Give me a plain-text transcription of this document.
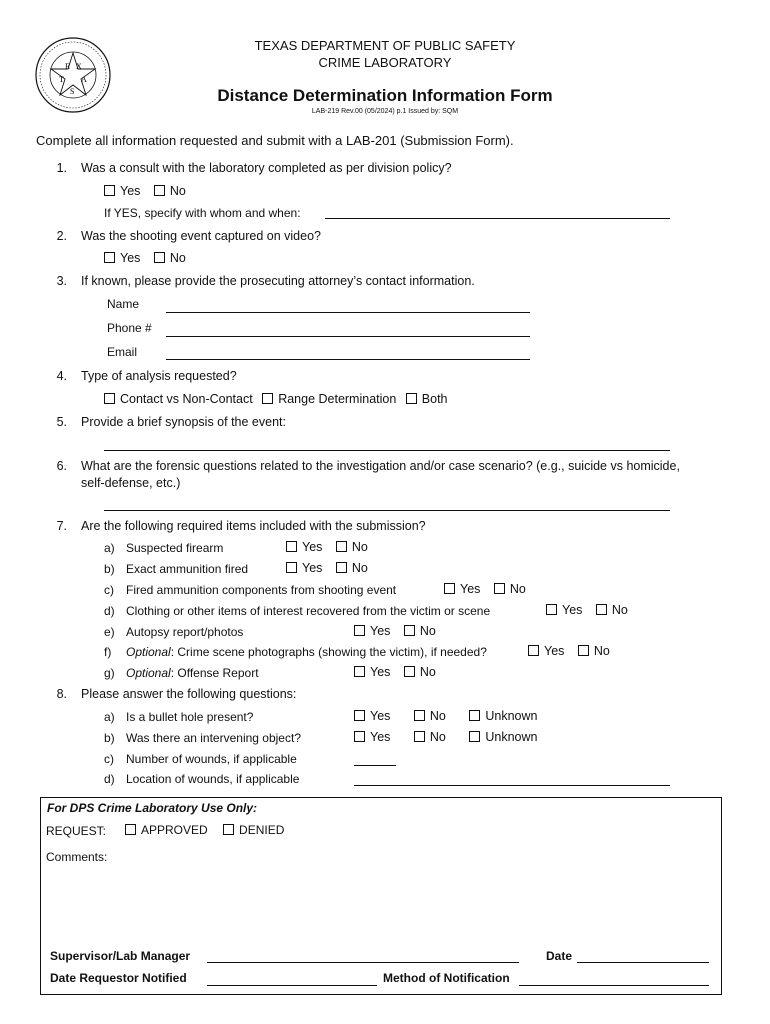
T
E X
A
S
TEXAS DEPARTMENT OF PUBLIC SAFETY
CRIME LABORATORY
Distance Determination Information Form
LAB-219 Rev.00 (05/2024) p.1 Issued by: SQM
Complete all information requested and submit with a LAB-201 (Submission Form).
1. Was a consult with the laboratory completed as per division policy?
Yes No
If YES, specify with whom and when:
2. Was the shooting event captured on video?
Yes No
3. If known, please provide the prosecuting attorney’s contact information.
Name
Phone #
Email
4. Type of analysis requested?
Contact vs Non-Contact Range Determination Both
5. Provide a brief synopsis of the event:
6. What are the forensic questions related to the investigation and/or case scenario? (e.g., suicide vs homicide,
self-defense, etc.)
7. Are the following required items included with the submission?
a) Suspected firearm	Yes No
b) Exact ammunition fired	Yes No
c) Fired ammunition components from shooting event	Yes No
d) Clothing or other items of interest recovered from the victim or scene	Yes No
e) Autopsy report/photos	Yes No
f) Optional: Crime scene photographs (showing the victim), if needed?	Yes No
g) Optional: Offense Report	Yes No
8. Please answer the following questions:
a) Is a bullet hole present?	Yes	No	Unknown
b) Was there an intervening object?	Yes	No	Unknown
c) Number of wounds, if applicable
d) Location of wounds, if applicable
For DPS Crime Laboratory Use Only:
REQUEST:	APPROVED	DENIED
Comments:
Supervisor/Lab Manager	Date
Date Requestor Notified	Method of Notification
